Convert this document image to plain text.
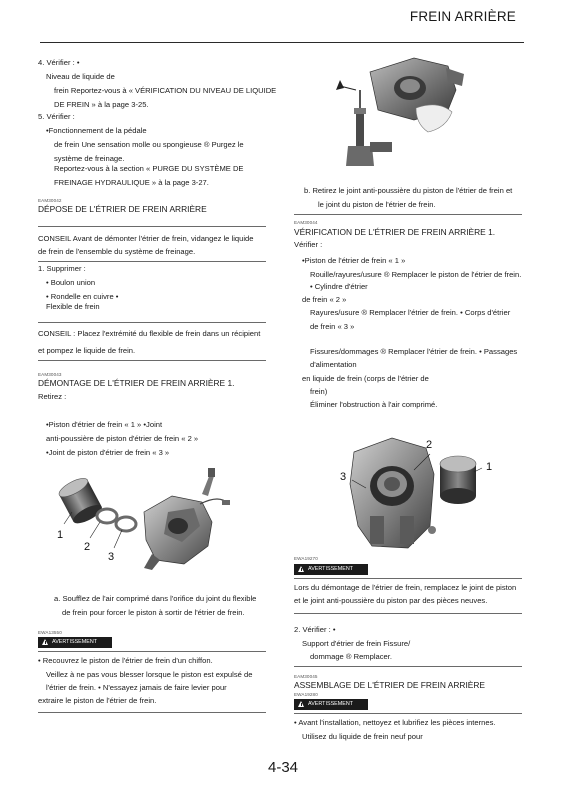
FREIN ARRIÈRE
4. Vérifier : •
Niveau de liquide de
frein Reportez-vous à « VÉRIFICATION DU NIVEAU DE LIQUIDE
DE FREIN » à la page 3-25.
5. Vérifier :
•Fonctionnement de la pédale
de frein Une sensation molle ou spongieuse ® Purgez le
système de freinage.
Reportez-vous à la section « PURGE DU SYSTÈME DE
FREINAGE HYDRAULIQUE » à la page 3-27.
EAM30042
DÉPOSE DE L'ÉTRIER DE FREIN ARRIÈRE
CONSEIL Avant de démonter l'étrier de frein, vidangez le liquide
de frein de l'ensemble du système de freinage.
1. Supprimer :
• Boulon union
• Rondelle en cuivre •
Flexible de frein
CONSEIL : Placez l'extrémité du flexible de frein dans un récipient
et pompez le liquide de frein.
EAM30043
DÉMONTAGE DE L'ÉTRIER DE FREIN ARRIÈRE 1.
Retirez :
•Piston d'étrier de frein « 1 » •Joint
anti-poussière de piston d'étrier de frein « 2 »
•Joint de piston d'étrier de frein « 3 »
1
2
3
a. Soufflez de l'air comprimé dans l'orifice du joint du flexible
de frein pour forcer le piston à sortir de l'étrier de frein.
EWA13550
AVERTISSEMENT
• Recouvrez le piston de l'étrier de frein d'un chiffon.
Veillez à ne pas vous blesser lorsque le piston est expulsé de
l'étrier de frein. • N'essayez jamais de faire levier pour
extraire le piston de l'étrier de frein.
b. Retirez le joint anti-poussière du piston de l'étrier de frein et
le joint du piston de l'étrier de frein.
EAM30044
VÉRIFICATION DE L'ÉTRIER DE FREIN ARRIÈRE 1.
Vérifier :
•Piston de l'étrier de frein « 1 »
Rouille/rayures/usure ® Remplacer le piston de l'étrier de frein.
• Cylindre d'étrier
de frein « 2 »
Rayures/usure ® Remplacer l'étrier de frein. • Corps d'étrier
de frein « 3 »
Fissures/dommages ® Remplacer l'étrier de frein. • Passages
d'alimentation
en liquide de frein (corps de l'étrier de
frein)
Éliminer l'obstruction à l'air comprimé.
2
1
3
EWA19270
AVERTISSEMENT
Lors du démontage de l'étrier de frein, remplacez le joint de piston
et le joint anti-poussière du piston par des pièces neuves.
2. Vérifier : •
Support d'étrier de frein Fissure/
dommage ® Remplacer.
EAM30045
ASSEMBLAGE DE L'ÉTRIER DE FREIN ARRIÈRE
EWA19280
AVERTISSEMENT
• Avant l'installation, nettoyez et lubrifiez les pièces internes.
Utilisez du liquide de frein neuf pour
4-34
